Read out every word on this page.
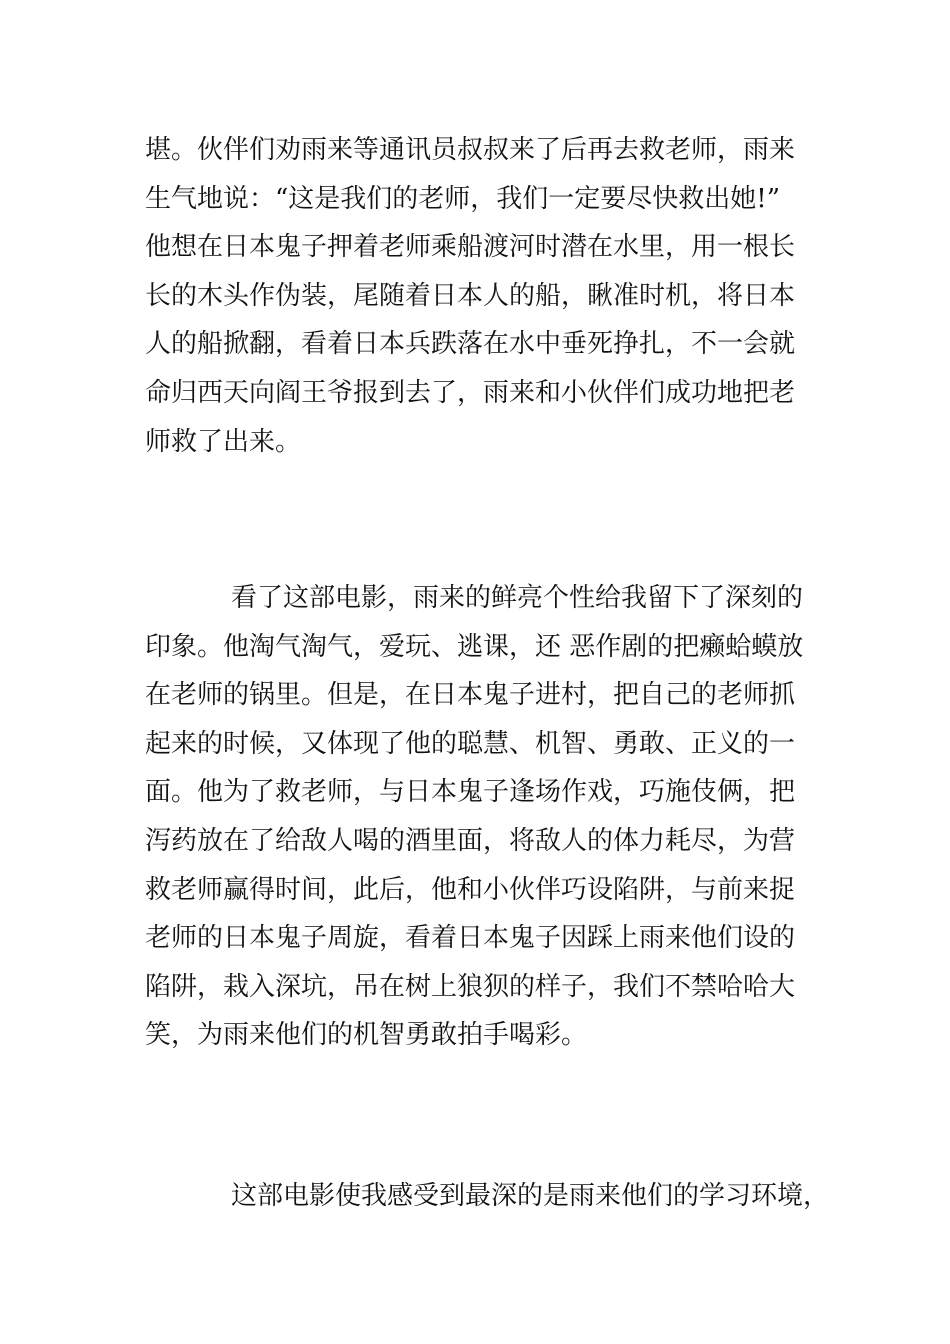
堪。伙伴们劝雨来等通讯员叔叔来了后再去救老师，雨来
生气地说：“这是我们的老师，我们一定要尽快救出她!”
他想在日本鬼子押着老师乘船渡河时潜在水里，用一根长
长的木头作伪装，尾随着日本人的船，瞅准时机，将日本
人的船掀翻，看着日本兵跌落在水中垂死挣扎，不一会就
命归西天向阎王爷报到去了，雨来和小伙伴们成功地把老
师救了出来。
看了这部电影，雨来的鲜亮个性给我留下了深刻的
印象。他淘气淘气，爱玩、逃课，还 恶作剧的把癞蛤蟆放
在老师的锅里。但是，在日本鬼子进村，把自己的老师抓
起来的时候，又体现了他的聪慧、机智、勇敢、正义的一
面。他为了救老师，与日本鬼子逢场作戏，巧施伎俩，把
泻药放在了给敌人喝的酒里面，将敌人的体力耗尽，为营
救老师赢得时间，此后，他和小伙伴巧设陷阱，与前来捉
老师的日本鬼子周旋，看着日本鬼子因踩上雨来他们设的
陷阱，栽入深坑，吊在树上狼狈的样子，我们不禁哈哈大
笑，为雨来他们的机智勇敢拍手喝彩。
这部电影使我感受到最深的是雨来他们的学习环境，
